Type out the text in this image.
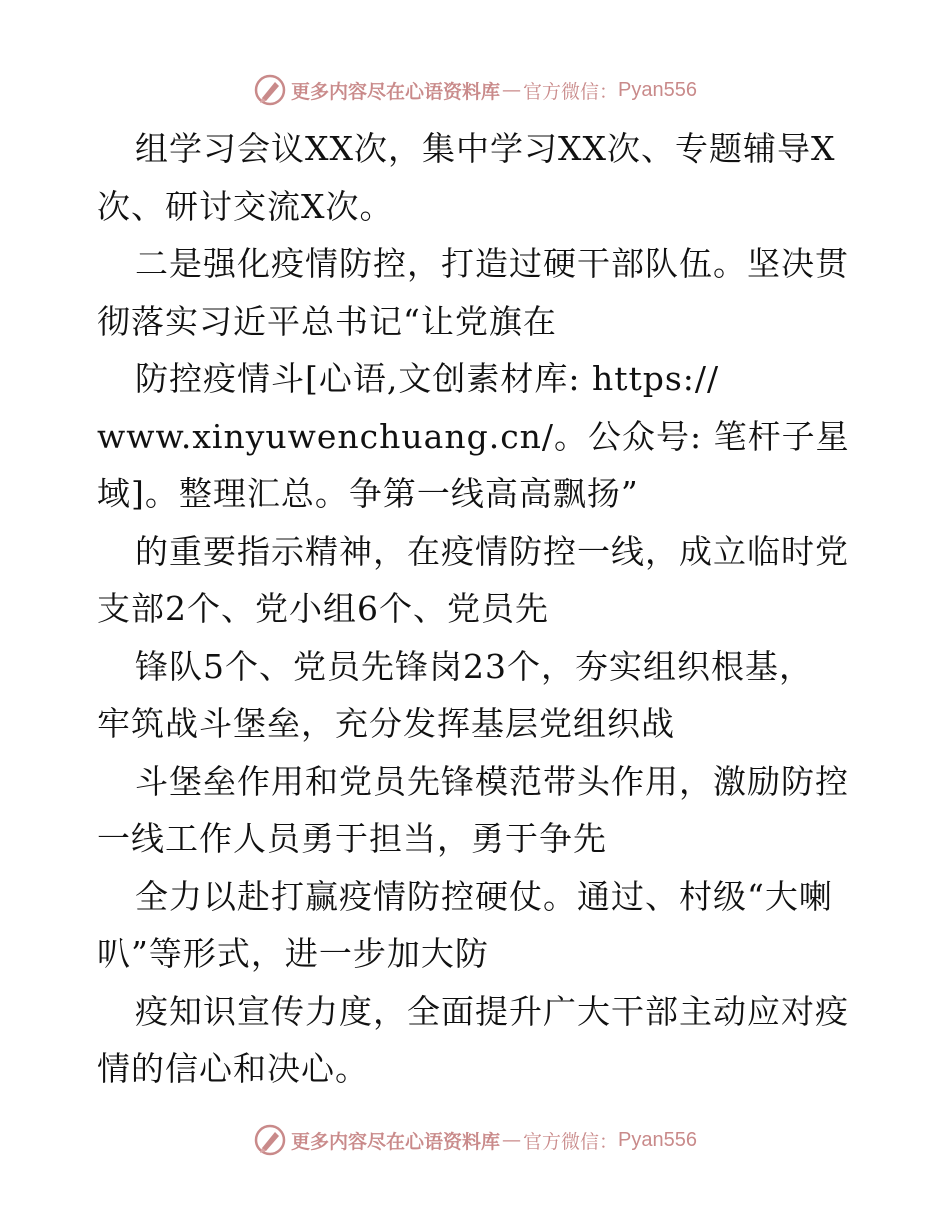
更多内容尽在心语资料库 — 官方微信： Pyan556
组学习会议XX次，集中学习XX次、专题辅导X
次、研讨交流X次。
二是强化疫情防控，打造过硬干部队伍。坚决贯
彻落实习近平总书记“让党旗在
防控疫情斗[心语,文创素材库: https://
www.xinyuwenchuang.cn/。公众号: 笔杆子星
域]。整理汇总。争第一线高高飘扬”
的重要指示精神，在疫情防控一线，成立临时党
支部2个、党小组6个、党员先
锋队5个、党员先锋岗23个，夯实组织根基，
牢筑战斗堡垒，充分发挥基层党组织战
斗堡垒作用和党员先锋模范带头作用，激励防控
一线工作人员勇于担当，勇于争先
全力以赴打赢疫情防控硬仗。通过、村级“大喇
叭”等形式，进一步加大防
疫知识宣传力度，全面提升广大干部主动应对疫
情的信心和决心。
更多内容尽在心语资料库 — 官方微信： Pyan556
